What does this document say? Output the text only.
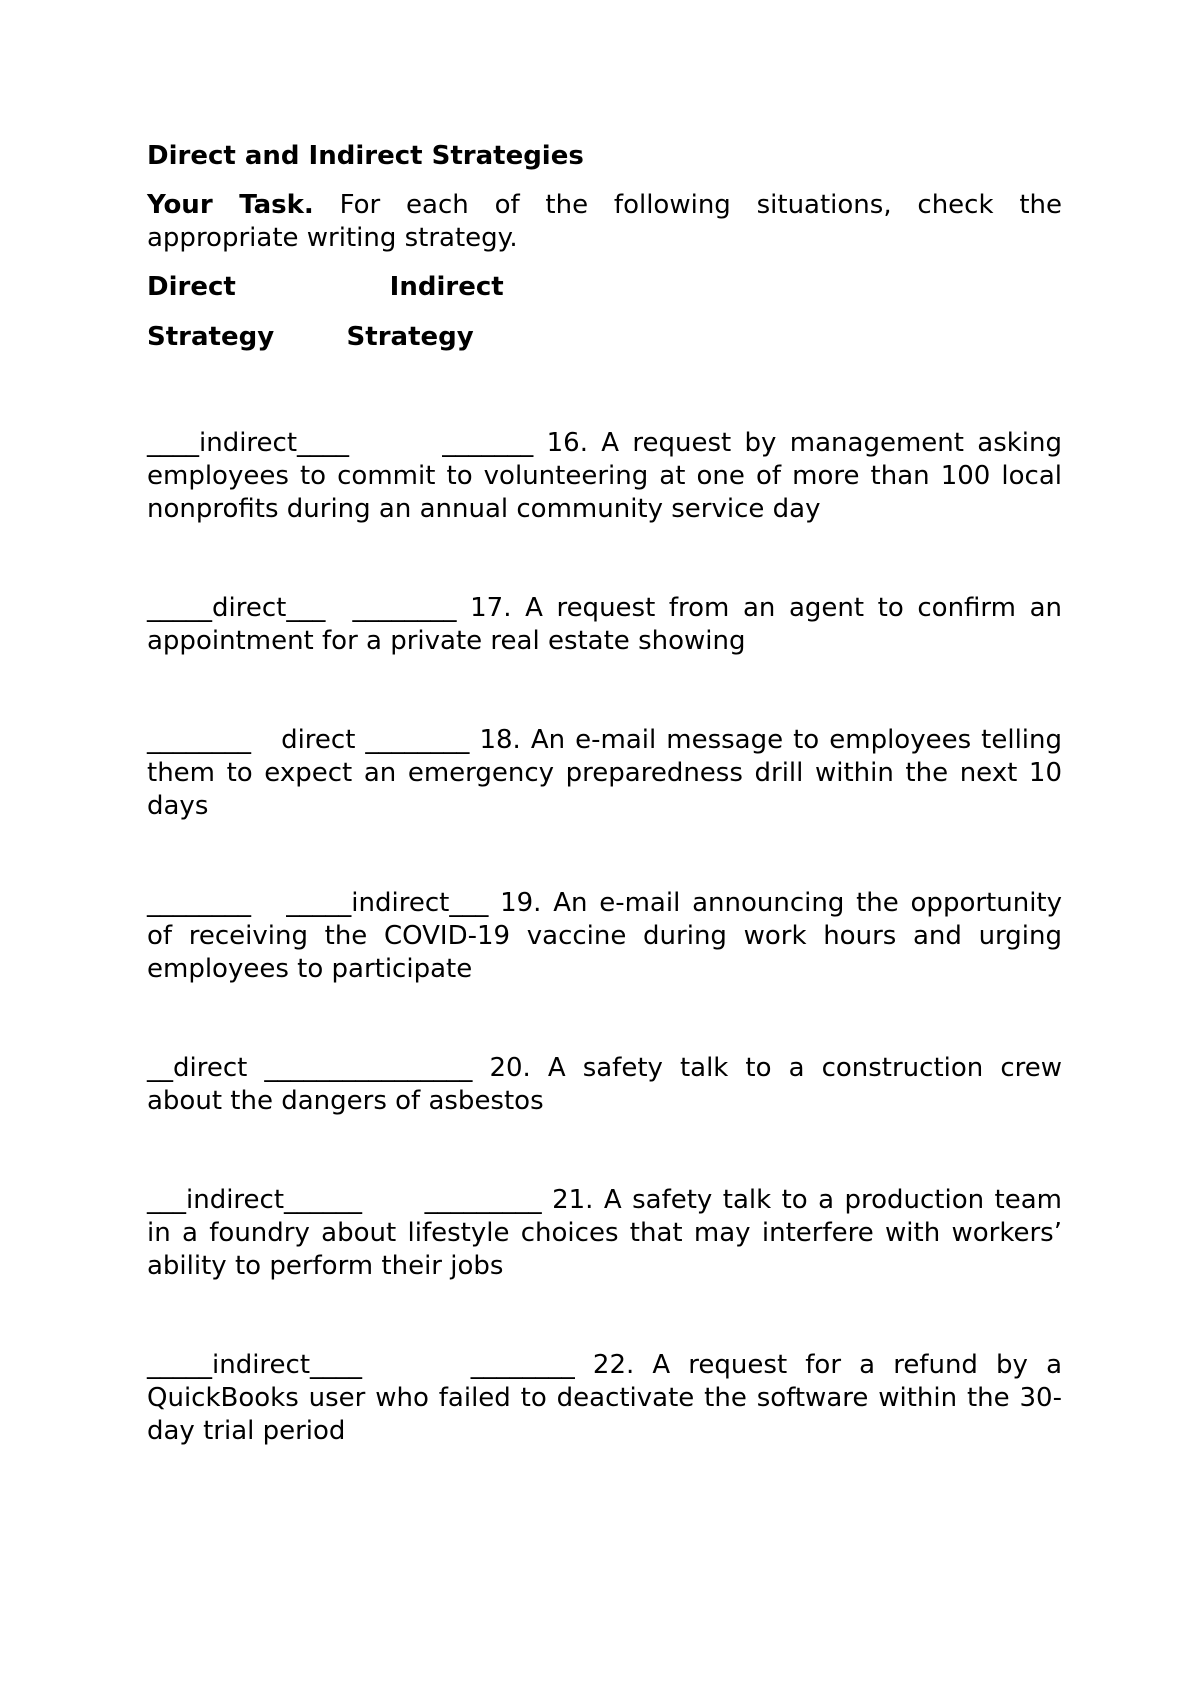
Direct and Indirect Strategies
Your Task. For each of the following situations, check the appropriate writing strategy.
Direct                 Indirect
Strategy        Strategy
____indirect____       _______ 16. A request by management asking employees to commit to volunteering at one of more than 100 local nonprofits during an annual community service day
_____direct___  ________ 17. A request from an agent to confirm an appointment for a private real estate showing
________   direct ________ 18. An e-mail message to employees telling them to expect an emergency preparedness drill within the next 10 days
________   _____indirect___ 19. An e-mail announcing the opportunity of receiving the COVID-19 vaccine during work hours and urging employees to participate
__direct ________________ 20. A safety talk to a construction crew about the dangers of asbestos
___indirect______      _________ 21. A safety talk to a production team in a foundry about lifestyle choices that may interfere with workers’ ability to perform their jobs
_____indirect____      ________ 22. A request for a refund by a QuickBooks user who failed to deactivate the software within the 30-day trial period
